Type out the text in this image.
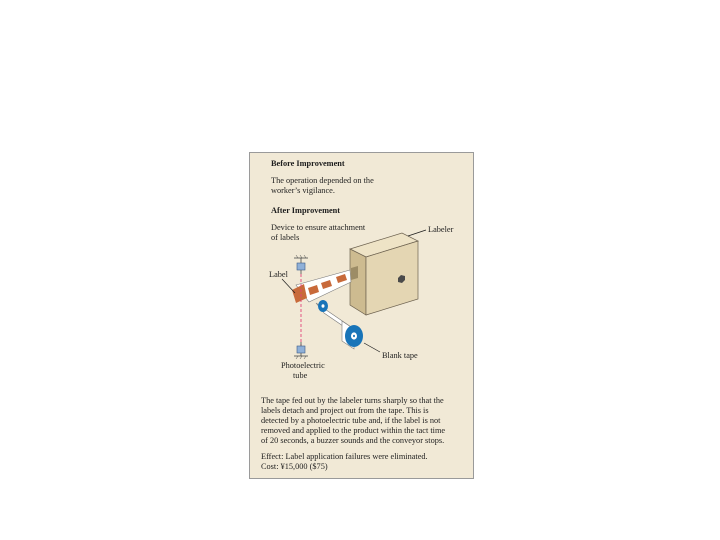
Before Improvement
The operation depended on the
worker’s vigilance.
After Improvement
Device to ensure attachment
of labels
Labeler
Blank tape
Label
Photoelectric
tube
The tape fed out by the labeler turns sharply so that the
labels detach and project out from the tape. This is
detected by a photoelectric tube and, if the label is not
removed and applied to the product within the tact time
of 20 seconds, a buzzer sounds and the conveyor stops.
Effect: Label application failures were eliminated.
Cost: ¥15,000 ($75)
